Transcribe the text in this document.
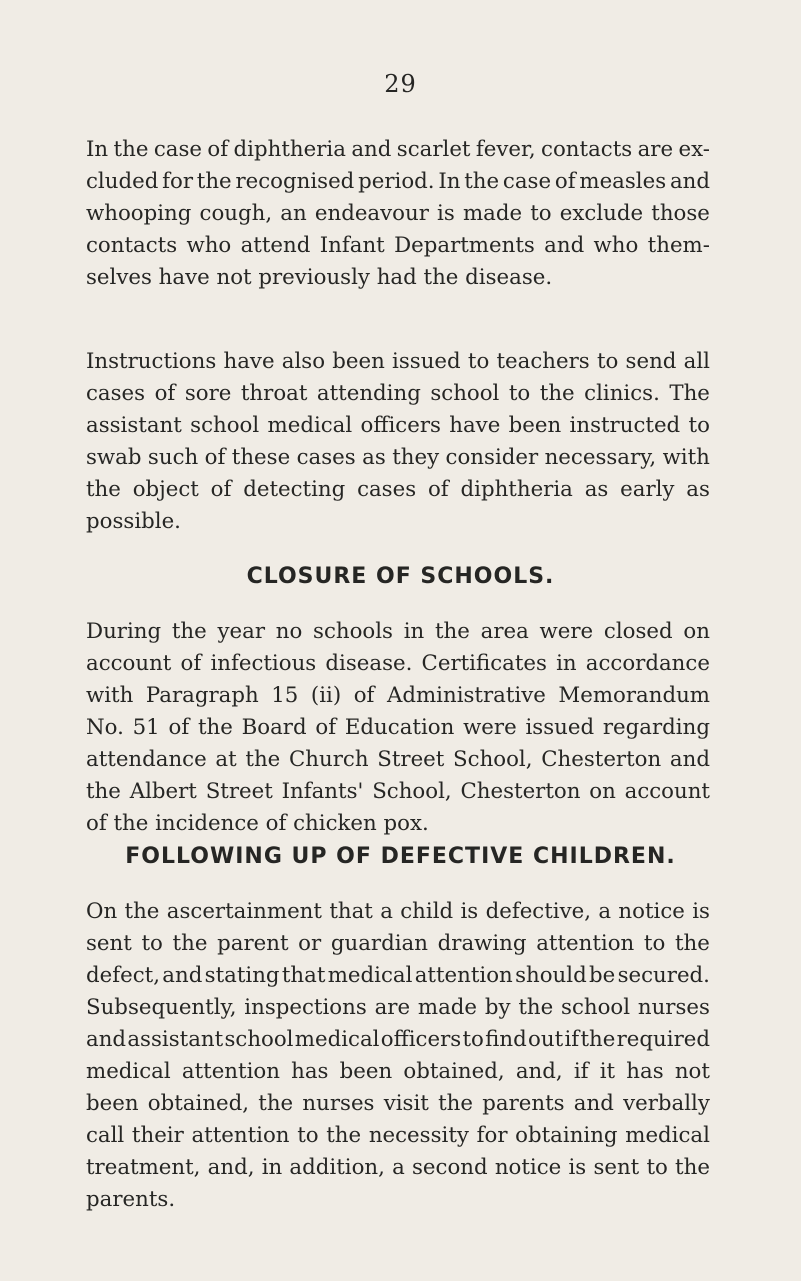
29
In the case of diphtheria and scarlet fever, contacts are ex-
cluded for the recognised period. In the case of measles and
whooping cough, an endeavour is made to exclude those
contacts who attend Infant Departments and who them-
selves have not previously had the disease.
Instructions have also been issued to teachers to send all
cases of sore throat attending school to the clinics. The
assistant school medical officers have been instructed to
swab such of these cases as they consider necessary, with
the object of detecting cases of diphtheria as early as
possible.
CLOSURE OF SCHOOLS.
During the year no schools in the area were closed on
account of infectious disease. Certificates in accordance
with Paragraph 15 (ii) of Administrative Memorandum
No. 51 of the Board of Education were issued regarding
attendance at the Church Street School, Chesterton and
the Albert Street Infants' School, Chesterton on account
of the incidence of chicken pox.
FOLLOWING UP OF DEFECTIVE CHILDREN.
On the ascertainment that a child is defective, a notice is
sent to the parent or guardian drawing attention to the
defect, and stating that medical attention should be secured.
Subsequently, inspections are made by the school nurses
and assistant school medical officers to find out if the required
medical attention has been obtained, and, if it has not
been obtained, the nurses visit the parents and verbally
call their attention to the necessity for obtaining medical
treatment, and, in addition, a second notice is sent to the
parents.
